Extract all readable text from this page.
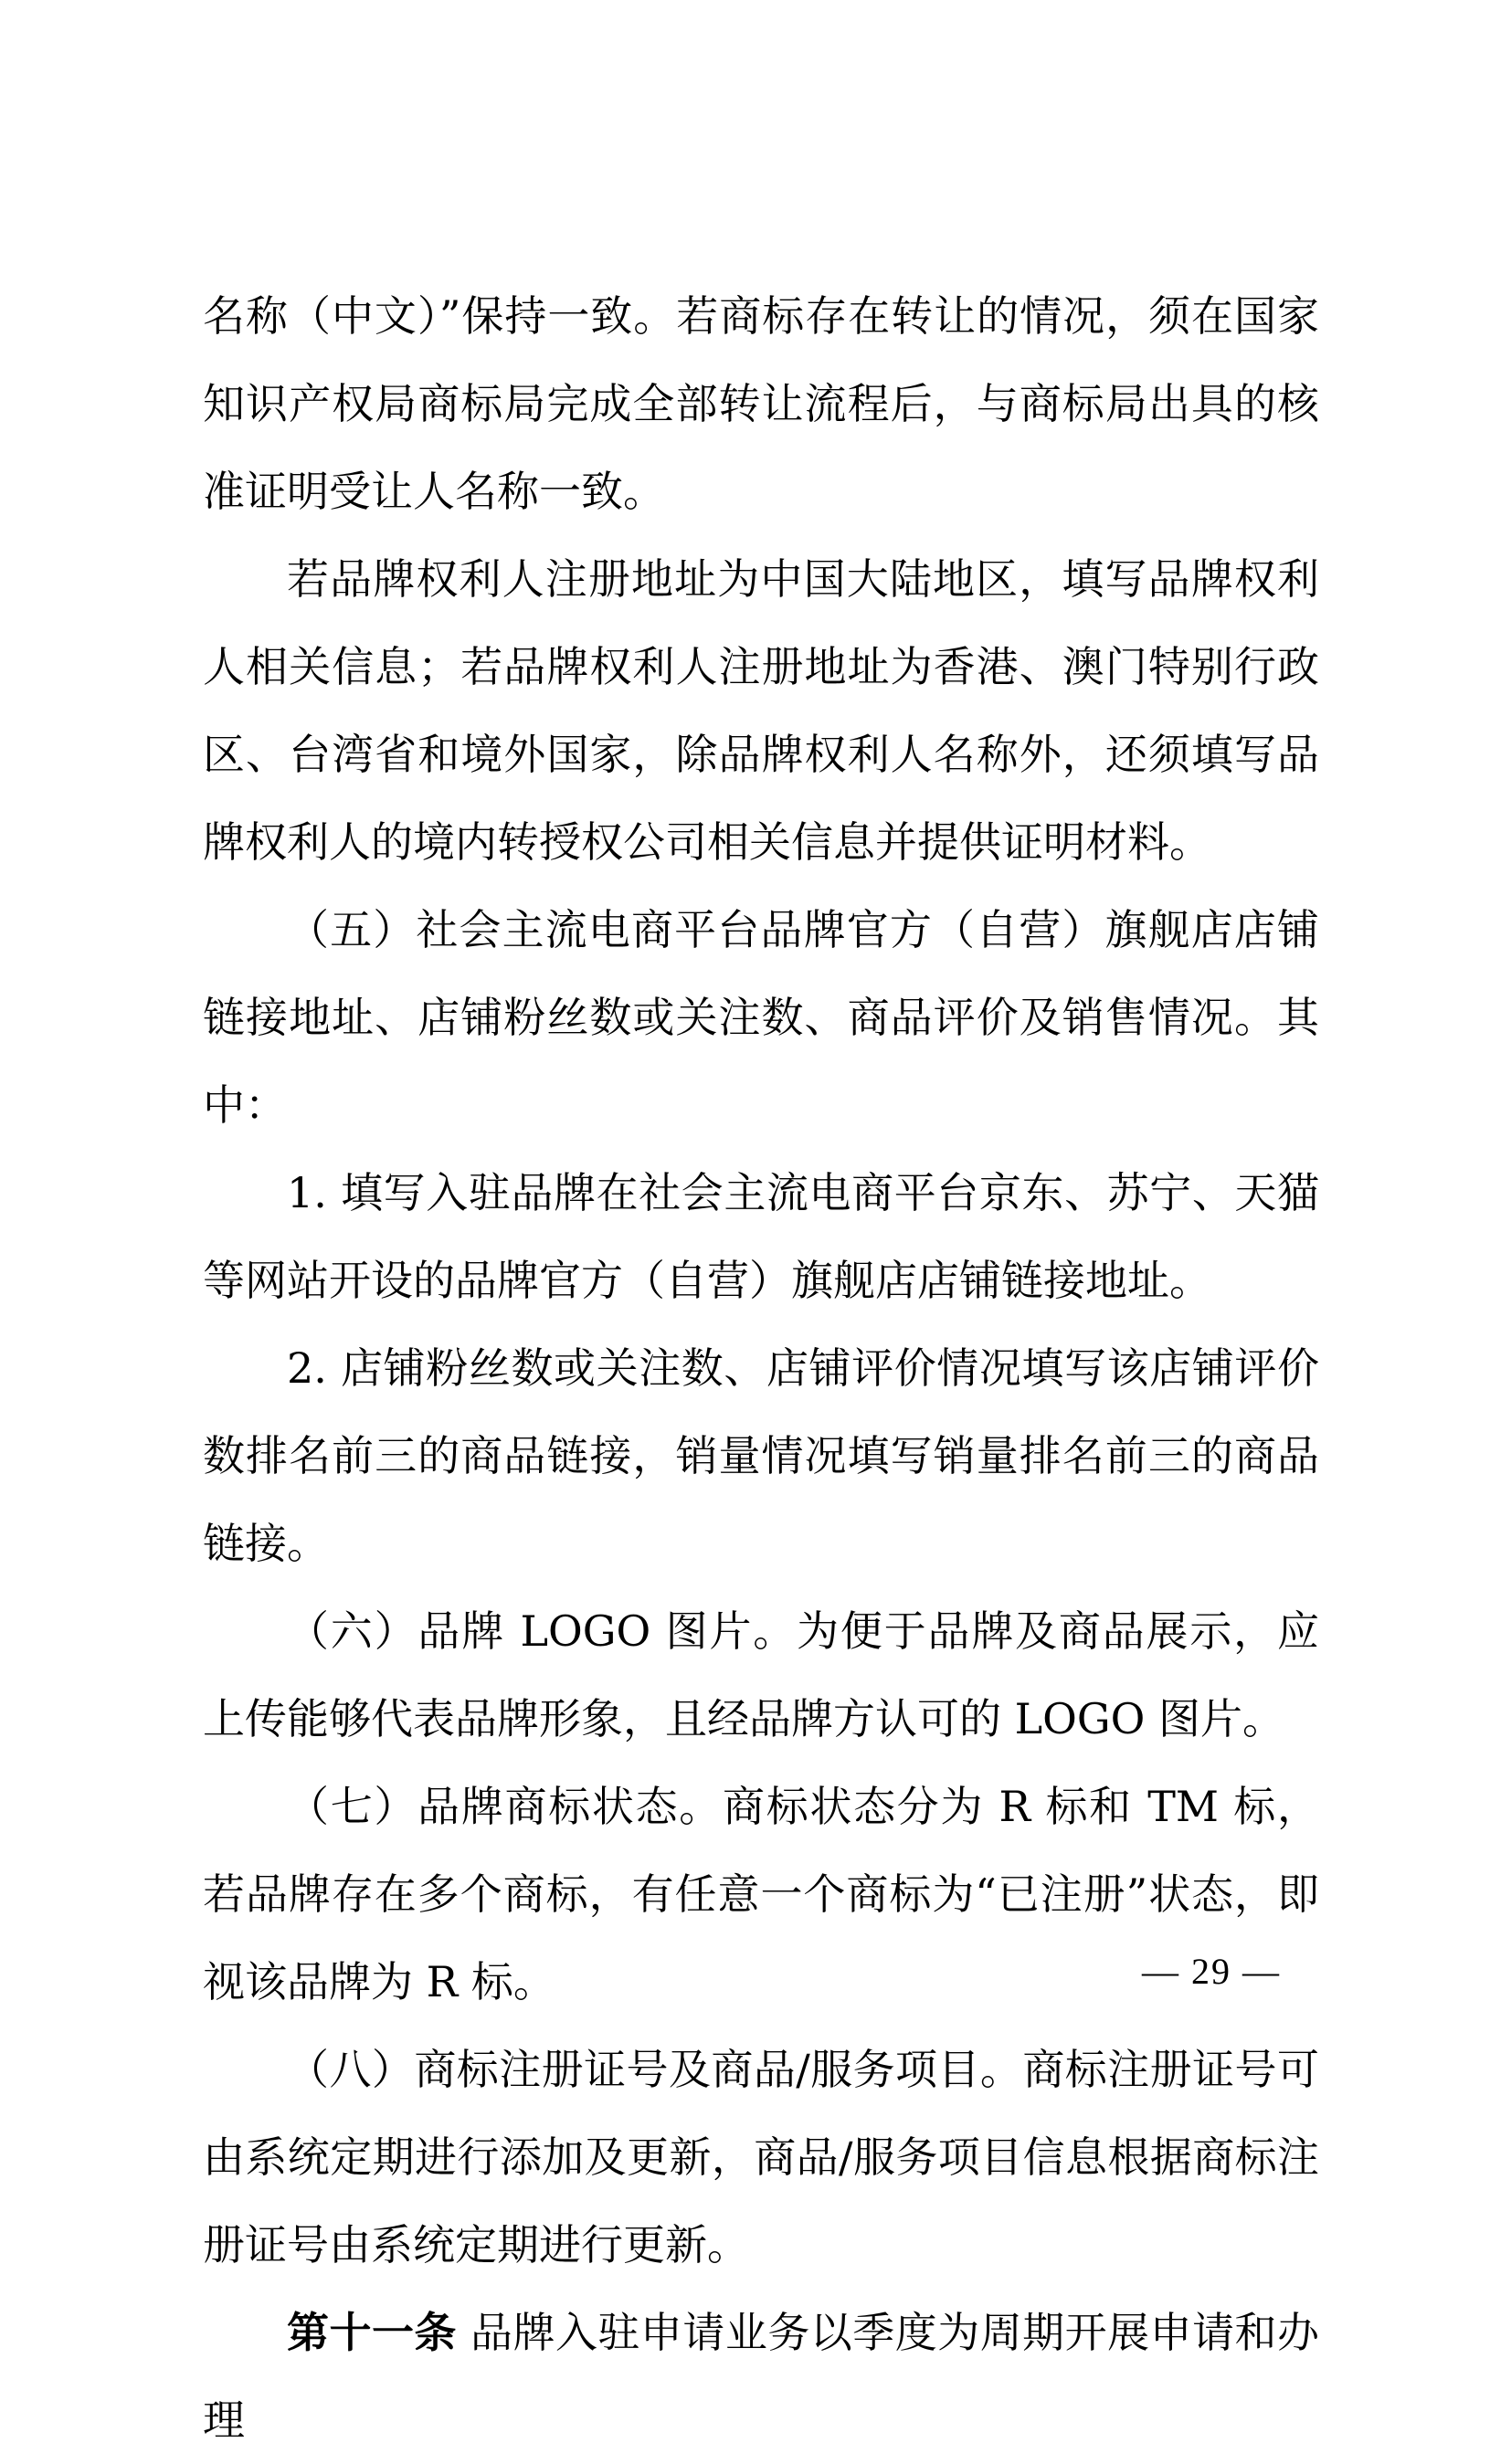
名称（中文）”保持一致。若商标存在转让的情况，须在国家知识产权局商标局完成全部转让流程后，与商标局出具的核准证明受让人名称一致。

若品牌权利人注册地址为中国大陆地区，填写品牌权利人相关信息；若品牌权利人注册地址为香港、澳门特别行政区、台湾省和境外国家，除品牌权利人名称外，还须填写品牌权利人的境内转授权公司相关信息并提供证明材料。

（五）社会主流电商平台品牌官方（自营）旗舰店店铺链接地址、店铺粉丝数或关注数、商品评价及销售情况。其中：

1. 填写入驻品牌在社会主流电商平台京东、苏宁、天猫等网站开设的品牌官方（自营）旗舰店店铺链接地址。

2. 店铺粉丝数或关注数、店铺评价情况填写该店铺评价数排名前三的商品链接，销量情况填写销量排名前三的商品链接。

（六）品牌 LOGO 图片。为便于品牌及商品展示，应上传能够代表品牌形象，且经品牌方认可的 LOGO 图片。

（七）品牌商标状态。商标状态分为 R 标和 TM 标，若品牌存在多个商标，有任意一个商标为“已注册”状态，即视该品牌为 R 标。

（八）商标注册证号及商品/服务项目。商标注册证号可由系统定期进行添加及更新，商品/服务项目信息根据商标注册证号由系统定期进行更新。

第十一条 品牌入驻申请业务以季度为周期开展申请和办理

— 29 —
